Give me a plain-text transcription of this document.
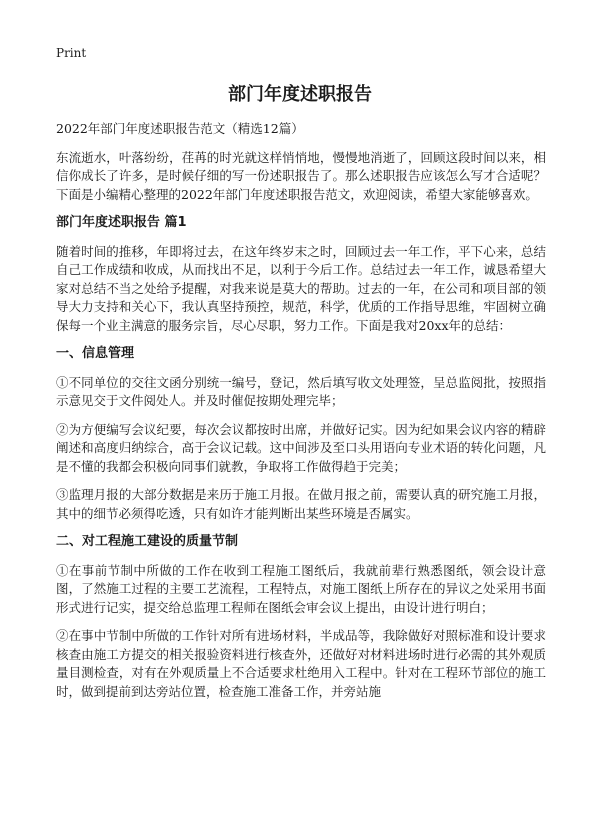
Print
部门年度述职报告

2022年部门年度述职报告范文（精选12篇）

东流逝水，叶落纷纷，荏苒的时光就这样悄悄地，慢慢地消逝了，回顾这段时间以来，相信你成长了许多，是时候仔细的写一份述职报告了。那么述职报告应该怎么写才合适呢？下面是小编精心整理的2022年部门年度述职报告范文，欢迎阅读，希望大家能够喜欢。

部门年度述职报告 篇1

随着时间的推移，年即将过去，在这年终岁末之时，回顾过去一年工作，平下心来，总结自己工作成绩和收成，从而找出不足，以利于今后工作。总结过去一年工作，诚恳希望大家对总结不当之处给予提醒，对我来说是莫大的帮助。过去的一年，在公司和项目部的领导大力支持和关心下，我认真坚持预控，规范，科学，优质的工作指导思维，牢固树立确保每一个业主满意的服务宗旨，尽心尽职，努力工作。下面是我对20xx年的总结：

一、信息管理

①不同单位的交往文函分别统一编号，登记，然后填写收文处理签，呈总监阅批，按照指示意见交于文件阅处人。并及时催促按期处理完毕；

②为方便编写会议纪要，每次会议都按时出席，并做好记实。因为纪如果会议内容的精辟阐述和高度归纳综合，高于会议记载。这中间涉及至口头用语向专业术语的转化问题，凡是不懂的我都会积极向同事们就教，争取将工作做得趋于完美；

③监理月报的大部分数据是来历于施工月报。在做月报之前，需要认真的研究施工月报，其中的细节必须得吃透，只有如许才能判断出某些环境是否属实。

二、对工程施工建设的质量节制

①在事前节制中所做的工作在收到工程施工图纸后，我就前辈行熟悉图纸，领会设计意图，了然施工过程的主要工艺流程，工程特点，对施工图纸上所存在的异议之处采用书面形式进行记实，提交给总监理工程师在图纸会审会议上提出，由设计进行明白；

②在事中节制中所做的工作针对所有进场材料，半成品等，我除做好对照标准和设计要求核查由施工方提交的相关报验资料进行核查外，还做好对材料进场时进行必需的其外观质量目测检查，对有在外观质量上不合适要求杜绝用入工程中。针对在工程环节部位的施工时，做到提前到达旁站位置，检查施工准备工作，并旁站施
